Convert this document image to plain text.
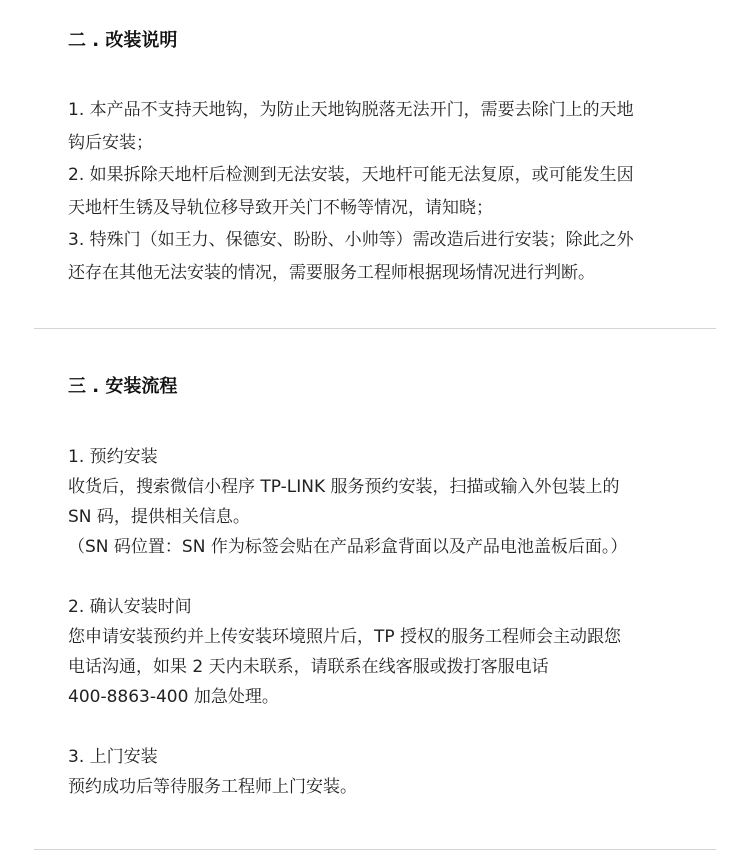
二 . 改装说明
1. 本产品不支持天地钩，为防止天地钩脱落无法开门，需要去除门上的天地
钩后安装；
2. 如果拆除天地杆后检测到无法安装，天地杆可能无法复原，或可能发生因
天地杆生锈及导轨位移导致开关门不畅等情况，请知晓；
3. 特殊门（如王力、保德安、盼盼、小帅等）需改造后进行安装；除此之外
还存在其他无法安装的情况，需要服务工程师根据现场情况进行判断。
三 . 安装流程
1. 预约安装
收货后，搜索微信小程序 TP-LINK 服务预约安装，扫描或输入外包装上的
SN 码，提供相关信息。
（SN 码位置：SN 作为标签会贴在产品彩盒背面以及产品电池盖板后面。）
2. 确认安装时间
您申请安装预约并上传安装环境照片后，TP 授权的服务工程师会主动跟您
电话沟通，如果 2 天内未联系，请联系在线客服或拨打客服电话
400-8863-400 加急处理。
3. 上门安装
预约成功后等待服务工程师上门安装。
